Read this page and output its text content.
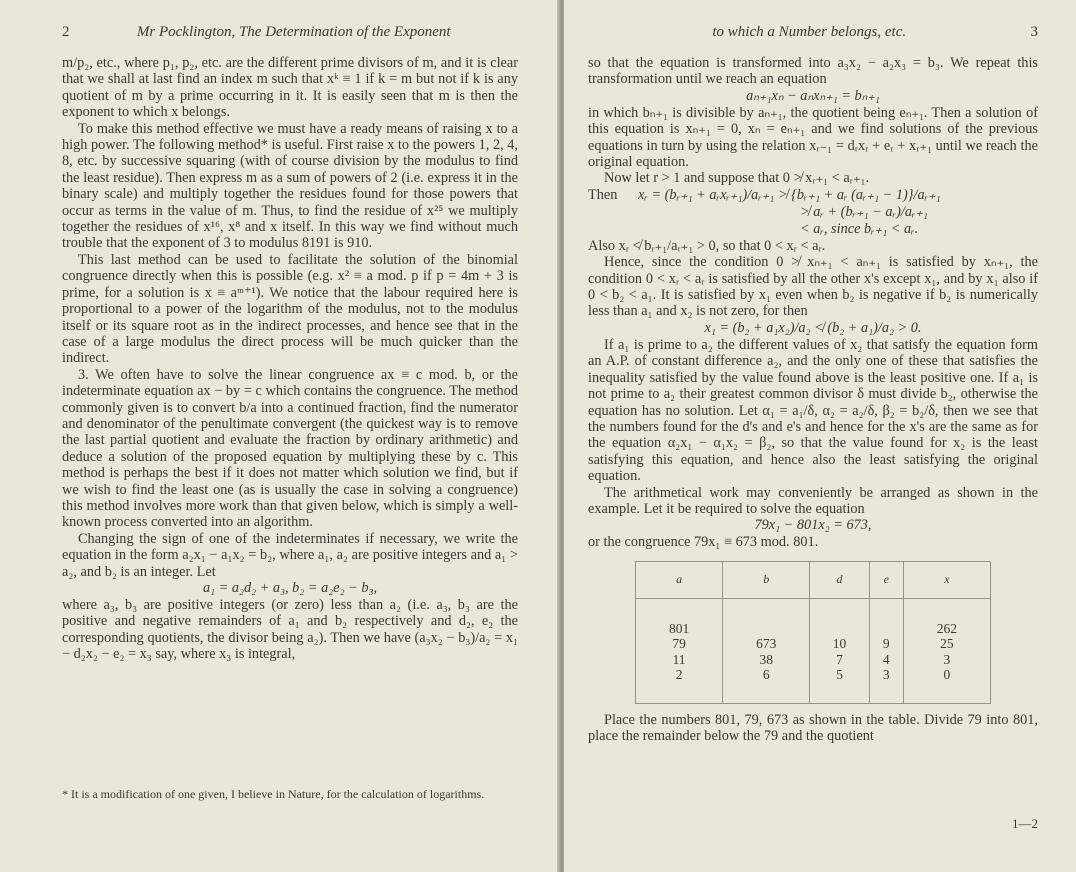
2	Mr Pocklington, The Determination of the Exponent

m/p₂, etc., where p₁, p₂, etc. are the different prime divisors of m, and it is clear that we shall at last find an index m such that xᵏ ≡ 1 if k = m but not if k is any quotient of m by a prime occurring in it. It is easily seen that m is then the exponent to which x belongs.

To make this method effective we must have a ready means of raising x to a high power. The following method* is useful. First raise x to the powers 1, 2, 4, 8, etc. by successive squaring (with of course division by the modulus to find the least residue). Then express m as a sum of powers of 2 (i.e. express it in the binary scale) and multiply together the residues found for those powers that occur as terms in the value of m. Thus, to find the residue of x²⁵ we multiply together the residues of x¹⁶, x⁸ and x itself. In this way we find without much trouble that the exponent of 3 to modulus 8191 is 910.

This last method can be used to facilitate the solution of the binomial congruence directly when this is possible (e.g. x² ≡ a mod. p if p = 4m + 3 is prime, for a solution is x ≡ aᵐ⁺¹). We notice that the labour required here is proportional to a power of the logarithm of the modulus, not to the modulus itself or its square root as in the indirect processes, and hence see that in the case of a large modulus the direct process will be much quicker than the indirect.

3. We often have to solve the linear congruence ax ≡ c mod. b, or the indeterminate equation ax − by = c which contains the congruence. The method commonly given is to convert b/a into a continued fraction, find the numerator and denominator of the penultimate convergent (the quickest way is to remove the last partial quotient and evaluate the fraction by ordinary arithmetic) and deduce a solution of the proposed equation by multiplying these by c. This method is perhaps the best if it does not matter which solution we find, but if we wish to find the least one (as is usually the case in solving a congruence) this method involves more work than that given below, which is simply a well-known process converted into an algorithm.

Changing the sign of one of the indeterminates if necessary, we write the equation in the form a₂x₁ − a₁x₂ = b₂, where a₁, a₂ are positive integers and a₁ > a₂, and b₂ is an integer. Let

a₁ = a₂d₂ + a₃, b₂ = a₂e₂ − b₃,

where a₃, b₃ are positive integers (or zero) less than a₂ (i.e. a₃, b₃ are the positive and negative remainders of a₁ and b₂ respectively and d₂, e₂ the corresponding quotients, the divisor being a₂). Then we have (a₃x₂ − b₃)/a₂ = x₁ − d₂x₂ − e₂ = x₃ say, where x₃ is integral,

* It is a modification of one given, I believe in Nature, for the calculation of logarithms.
to which a Number belongs, etc.	3

so that the equation is transformed into a₃x₂ − a₂x₃ = b₃. We repeat this transformation until we reach an equation

aₙ₊₁xₙ − aₙxₙ₊₁ = bₙ₊₁

in which bₙ₊₁ is divisible by aₙ₊₁, the quotient being eₙ₊₁. Then a solution of this equation is xₙ₊₁ = 0, xₙ = eₙ₊₁ and we find solutions of the previous equations in turn by using the relation xᵣ₋₁ = dᵣxᵣ + eᵣ + xᵣ₊₁ until we reach the original equation.

Now let r > 1 and suppose that 0 ≯ xᵣ₊₁ < aᵣ₊₁.

Then xᵣ = (bᵣ₊₁ + aᵣxᵣ₊₁)/aᵣ₊₁ ≯ {bᵣ₊₁ + aᵣ (aᵣ₊₁ − 1)}/aᵣ₊₁

≯ aᵣ + (bᵣ₊₁ − aᵣ)/aᵣ₊₁

< aᵣ, since bᵣ₊₁ < aᵣ.

Also xᵣ ≮ bᵣ₊₁/aᵣ₊₁ > 0, so that 0 < xᵣ < aᵣ.

Hence, since the condition 0 ≯ xₙ₊₁ < aₙ₊₁ is satisfied by xₙ₊₁, the condition 0 < xᵣ < aᵣ is satisfied by all the other x's except x₁, and by x₁ also if 0 < b₂ < a₁. It is satisfied by x₁ even when b₂ is negative if b₂ is numerically less than a₁ and x₂ is not zero, for then

x₁ = (b₂ + a₁x₂)/a₂ ≮ (b₂ + a₁)/a₂ > 0.

If a₁ is prime to a₂ the different values of x₂ that satisfy the equation form an A.P. of constant difference a₂, and the only one of these that satisfies the inequality satisfied by the value found above is the least positive one. If a₁ is not prime to a₂ their greatest common divisor δ must divide b₂, otherwise the equation has no solution. Let α₁ = a₁/δ, α₂ = a₂/δ, β₂ = b₂/δ, then we see that the numbers found for the d's and e's and hence for the x's are the same as for the equation α₂x₁ − α₁x₂ = β₂, so that the value found for x₂ is the least satisfying this equation, and hence also the least satisfying the original equation.

The arithmetical work may conveniently be arranged as shown in the example. Let it be required to solve the equation

79x₁ − 801x₂ = 673,

or the congruence 79x₁ ≡ 673 mod. 801.

a	b	d	e	x

801				262
79	673	10	9	25
11	38	7	4	3
2	6	5	3	0

Place the numbers 801, 79, 673 as shown in the table. Divide 79 into 801, place the remainder below the 79 and the quotient

1—2
